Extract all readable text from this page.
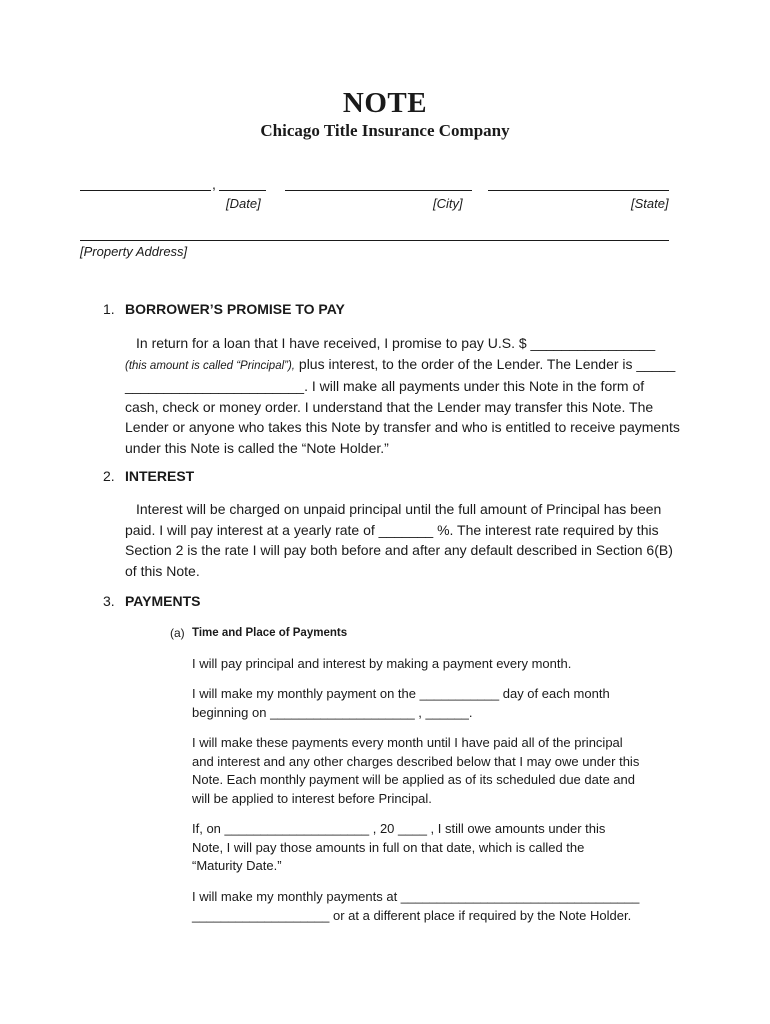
NOTE
Chicago Title Insurance Company
,
[Date]	[City]	[State]
[Property Address]
1. BORROWER’S PROMISE TO PAY
In return for a loan that I have received, I promise to pay U.S. $ ________________
(this amount is called “Principal”), plus interest, to the order of the Lender. The Lender is _____
_______________________. I will make all payments under this Note in the form of
cash, check or money order. I understand that the Lender may transfer this Note. The
Lender or anyone who takes this Note by transfer and who is entitled to receive payments
under this Note is called the “Note Holder.”
2. INTEREST
Interest will be charged on unpaid principal until the full amount of Principal has been
paid. I will pay interest at a yearly rate of _______ %. The interest rate required by this
Section 2 is the rate I will pay both before and after any default described in Section 6(B)
of this Note.
3. PAYMENTS
(a) Time and Place of Payments
I will pay principal and interest by making a payment every month.
I will make my monthly payment on the ___________ day of each month
beginning on ____________________ , ______.
I will make these payments every month until I have paid all of the principal
and interest and any other charges described below that I may owe under this
Note. Each monthly payment will be applied as of its scheduled due date and
will be applied to interest before Principal.
If, on ____________________ , 20 ____ , I still owe amounts under this
Note, I will pay those amounts in full on that date, which is called the
“Maturity Date.”
I will make my monthly payments at _________________________________
___________________ or at a different place if required by the Note Holder.
